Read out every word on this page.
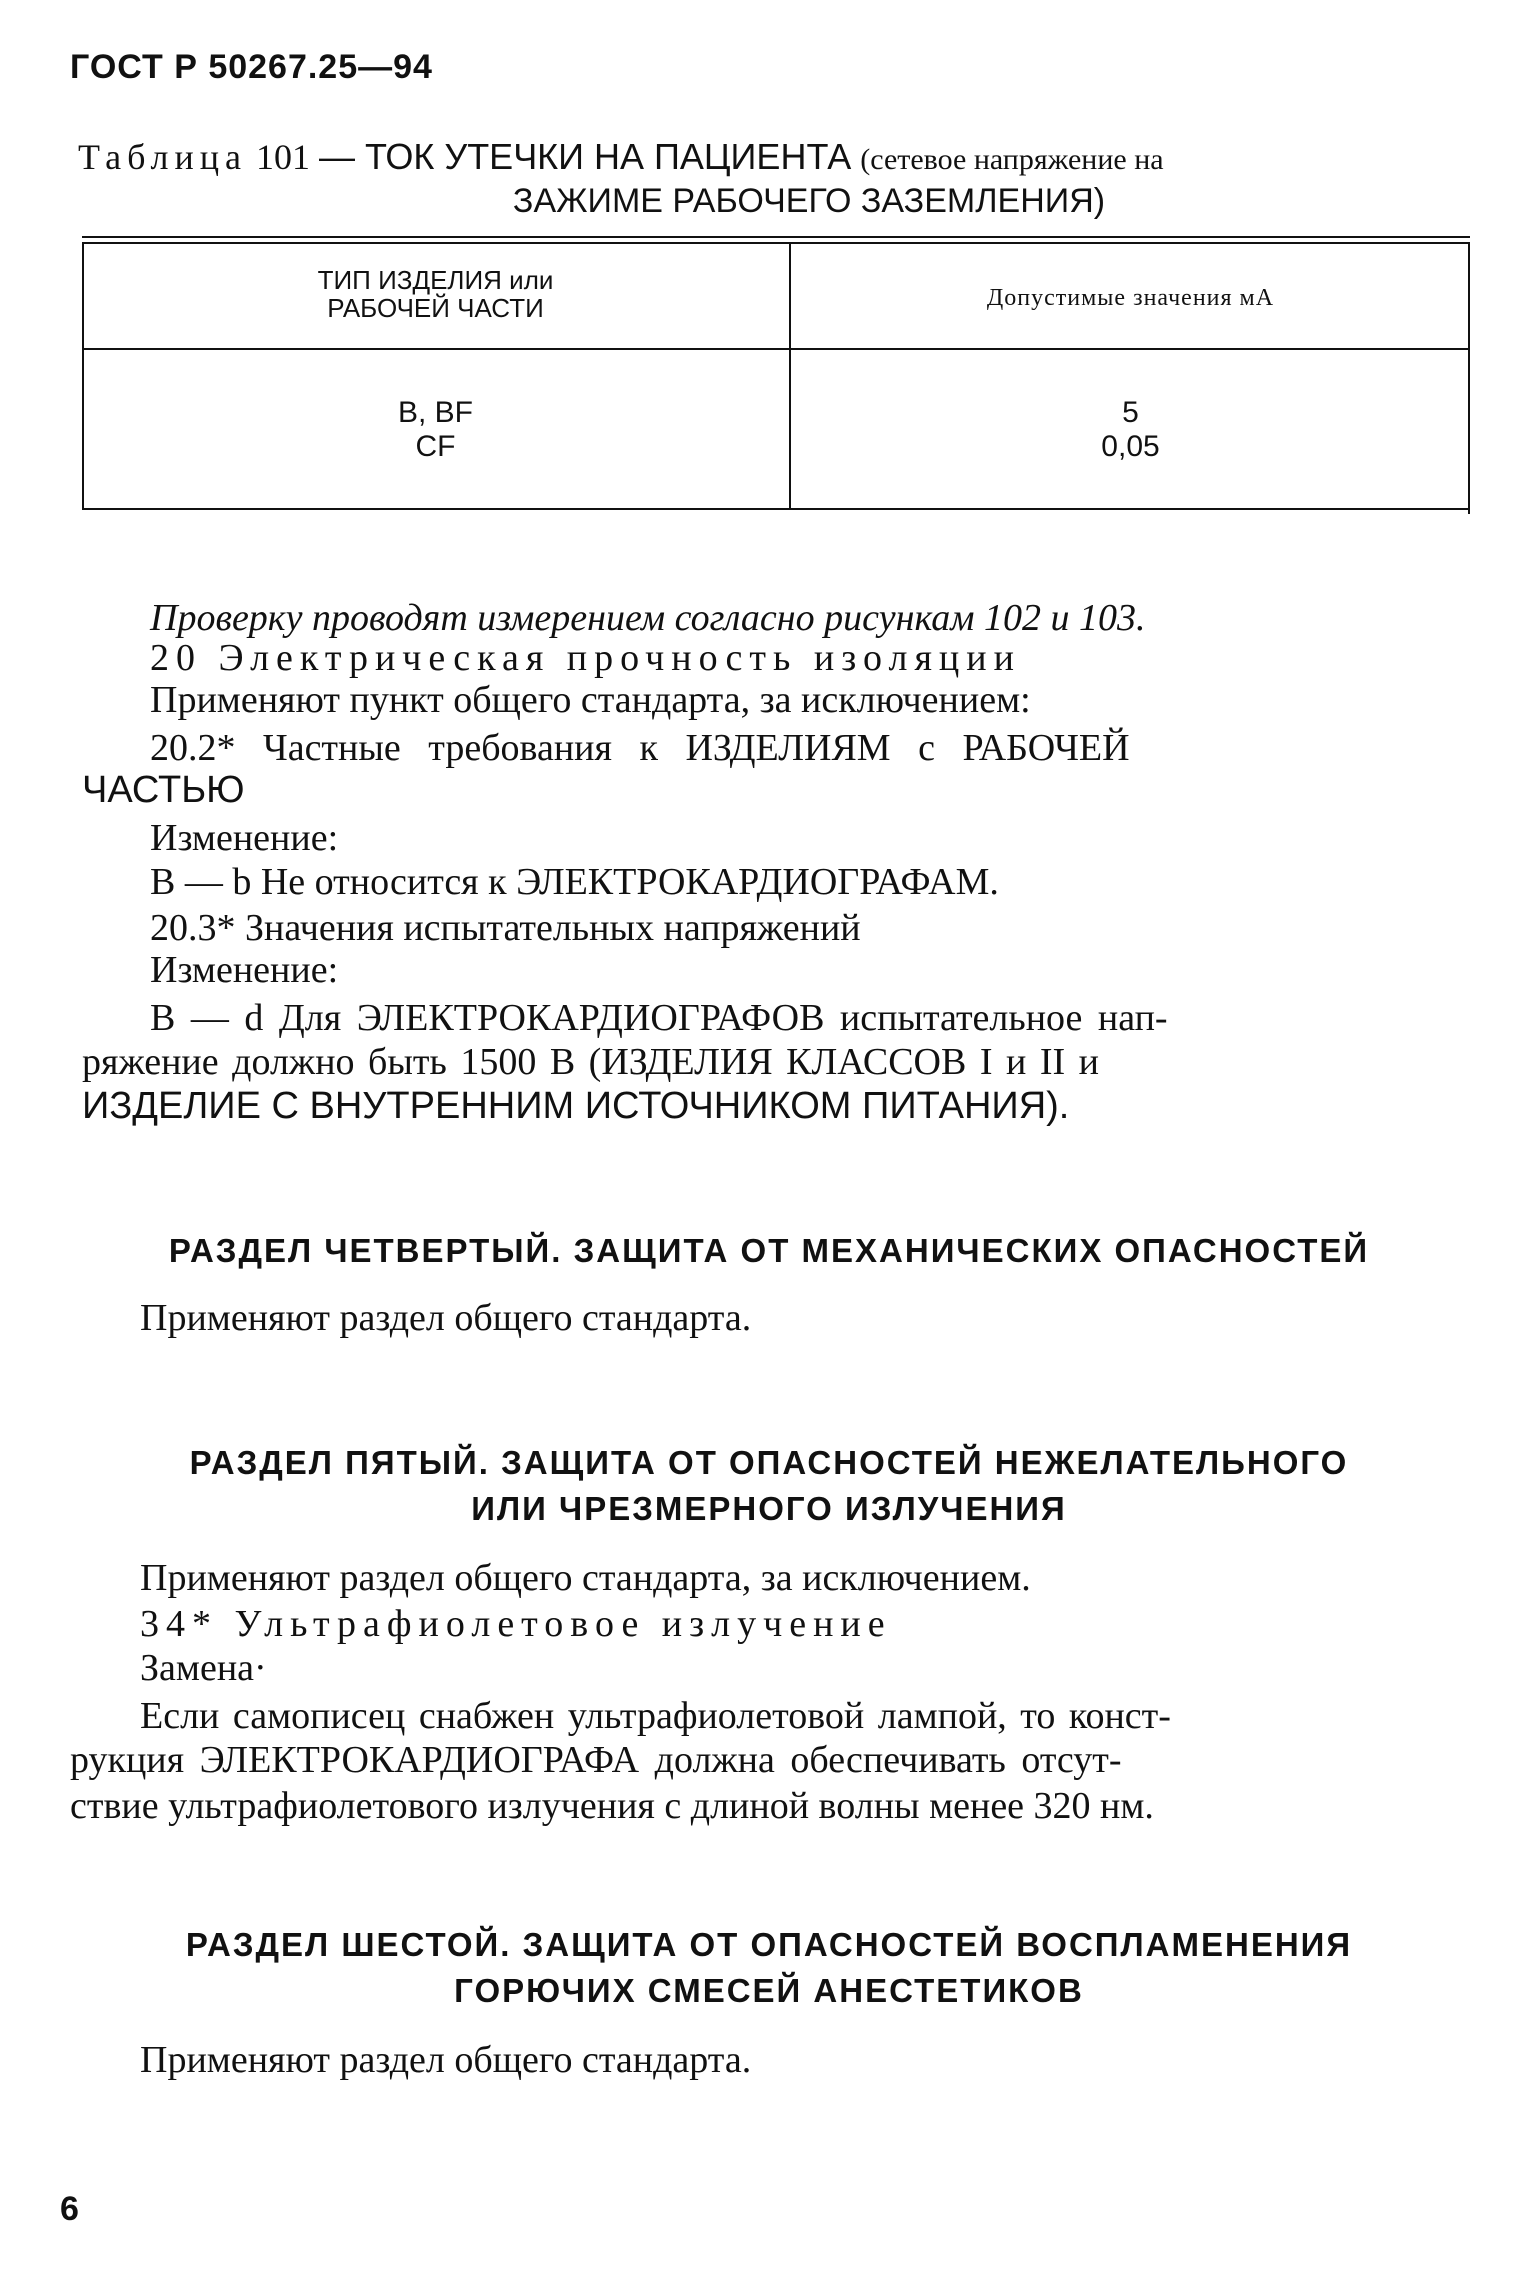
ГОСТ Р 50267.25—94
Таблица 101 — ТОК УТЕЧКИ НА ПАЦИЕНТА (сетевое напряжение на
ЗАЖИМЕ РАБОЧЕГО ЗАЗЕМЛЕНИЯ)
ТИП ИЗДЕЛИЯ или
РАБОЧЕЙ ЧАСТИ	Допустимые значения мА
B, BF
CF
5
0,05
Проверку проводят измерением согласно рисункам 102 и 103.
20 Электрическая прочность изоляции
Применяют пункт общего стандарта, за исключением:
20.2* Частные требования к ИЗДЕЛИЯМ с РАБОЧЕЙ
ЧАСТЬЮ
Изменение:
В — b Не относится к ЭЛЕКТРОКАРДИОГРАФАМ.
20.3* Значения испытательных напряжений
Изменение:
В — d Для ЭЛЕКТРОКАРДИОГРАФОВ испытательное нап-
ряжение должно быть 1500 В (ИЗДЕЛИЯ КЛАССОВ I и II и
ИЗДЕЛИЕ С ВНУТРЕННИМ ИСТОЧНИКОМ ПИТАНИЯ).
РАЗДЕЛ ЧЕТВЕРТЫЙ. ЗАЩИТА ОТ МЕХАНИЧЕСКИХ ОПАСНОСТЕЙ
Применяют раздел общего стандарта.
РАЗДЕЛ ПЯТЫЙ. ЗАЩИТА ОТ ОПАСНОСТЕЙ НЕЖЕЛАТЕЛЬНОГО
ИЛИ ЧРЕЗМЕРНОГО ИЗЛУЧЕНИЯ
Применяют раздел общего стандарта, за исключением.
34* Ультрафиолетовое излучение
Замена·
Если самописец снабжен ультрафиолетовой лампой, то конст-
рукция ЭЛЕКТРОКАРДИОГРАФА должна обеспечивать отсут-
ствие ультрафиолетового излучения с длиной волны менее 320 нм.
РАЗДЕЛ ШЕСТОЙ. ЗАЩИТА ОТ ОПАСНОСТЕЙ ВОСПЛАМЕНЕНИЯ
ГОРЮЧИХ СМЕСЕЙ АНЕСТЕТИКОВ
Применяют раздел общего стандарта.
6
